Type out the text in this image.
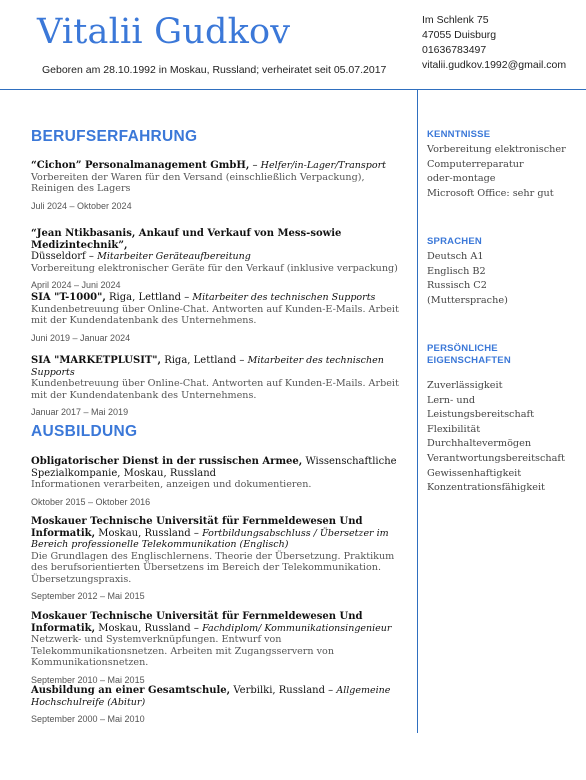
Vitalii Gudkov
Geboren am 28.10.1992 in Moskau, Russland; verheiratet seit 05.07.2017
Im Schlenk 75
47055 Duisburg
01636783497
vitalii.gudkov.1992@gmail.com
BERUFSERFAHRUNG
“Cichon” Personalmanagement GmbH, – Helfer/in-Lager/Transport
Vorbereiten der Waren für den Versand (einschließlich Verpackung), Reinigen des Lagers
Juli 2024 – Oktober 2024
“Jean Ntikbasanis, Ankauf und Verkauf von Mess-sowie Medizintechnik”,
Düsseldorf – Mitarbeiter Geräteaufbereitung
Vorbereitung elektronischer Geräte für den Verkauf (inklusive verpackung)
April 2024 – Juni 2024
SIA "T-1000", Riga, Lettland – Mitarbeiter des technischen Supports
Kundenbetreuung über Online-Chat. Antworten auf Kunden-E-Mails. Arbeit mit der Kundendatenbank des Unternehmens.
Juni 2019 – Januar 2024
SIA "MARKETPLUSIT", Riga, Lettland – Mitarbeiter des technischen Supports
Kundenbetreuung über Online-Chat. Antworten auf Kunden-E-Mails. Arbeit mit der Kundendatenbank des Unternehmens.
Januar 2017 – Mai 2019
AUSBILDUNG
Obligatorischer Dienst in der russischen Armee, Wissenschaftliche Spezialkompanie, Moskau, Russland
Informationen verarbeiten, anzeigen und dokumentieren.
Oktober 2015 – Oktober 2016
Moskauer Technische Universität für Fernmeldewesen Und Informatik, Moskau, Russland – Fortbildungsabschluss / Übersetzer im Bereich professionelle Telekommunikation (Englisch)
Die Grundlagen des Englischlernens. Theorie der Übersetzung. Praktikum des berufsorientierten Übersetzens im Bereich der Telekommunikation. Übersetzungspraxis.
September 2012 – Mai 2015
Moskauer Technische Universität für Fernmeldewesen Und Informatik, Moskau, Russland – Fachdiplom/ Kommunikationsingenieur
Netzwerk- und Systemverknüpfungen. Entwurf von Telekommunikationsnetzen. Arbeiten mit Zugangsservern von Kommunikationsnetzen.
September 2010 – Mai 2015
Ausbildung an einer Gesamtschule, Verbilki, Russland – Allgemeine Hochschulreife (Abitur)
September 2000 – Mai 2010
KENNTNISSE
Vorbereitung elektronischer
Computerreparatur
oder-montage
Microsoft Office: sehr gut
SPRACHEN
Deutsch A1
Englisch B2
Russisch C2
(Muttersprache)
PERSÖNLICHE EIGENSCHAFTEN
Zuverlässigkeit
Lern- und
Leistungsbereitschaft
Flexibilität
Durchhaltevermögen
Verantwortungsbereitschaft
Gewissenhaftigkeit
Konzentrationsfähigkeit
